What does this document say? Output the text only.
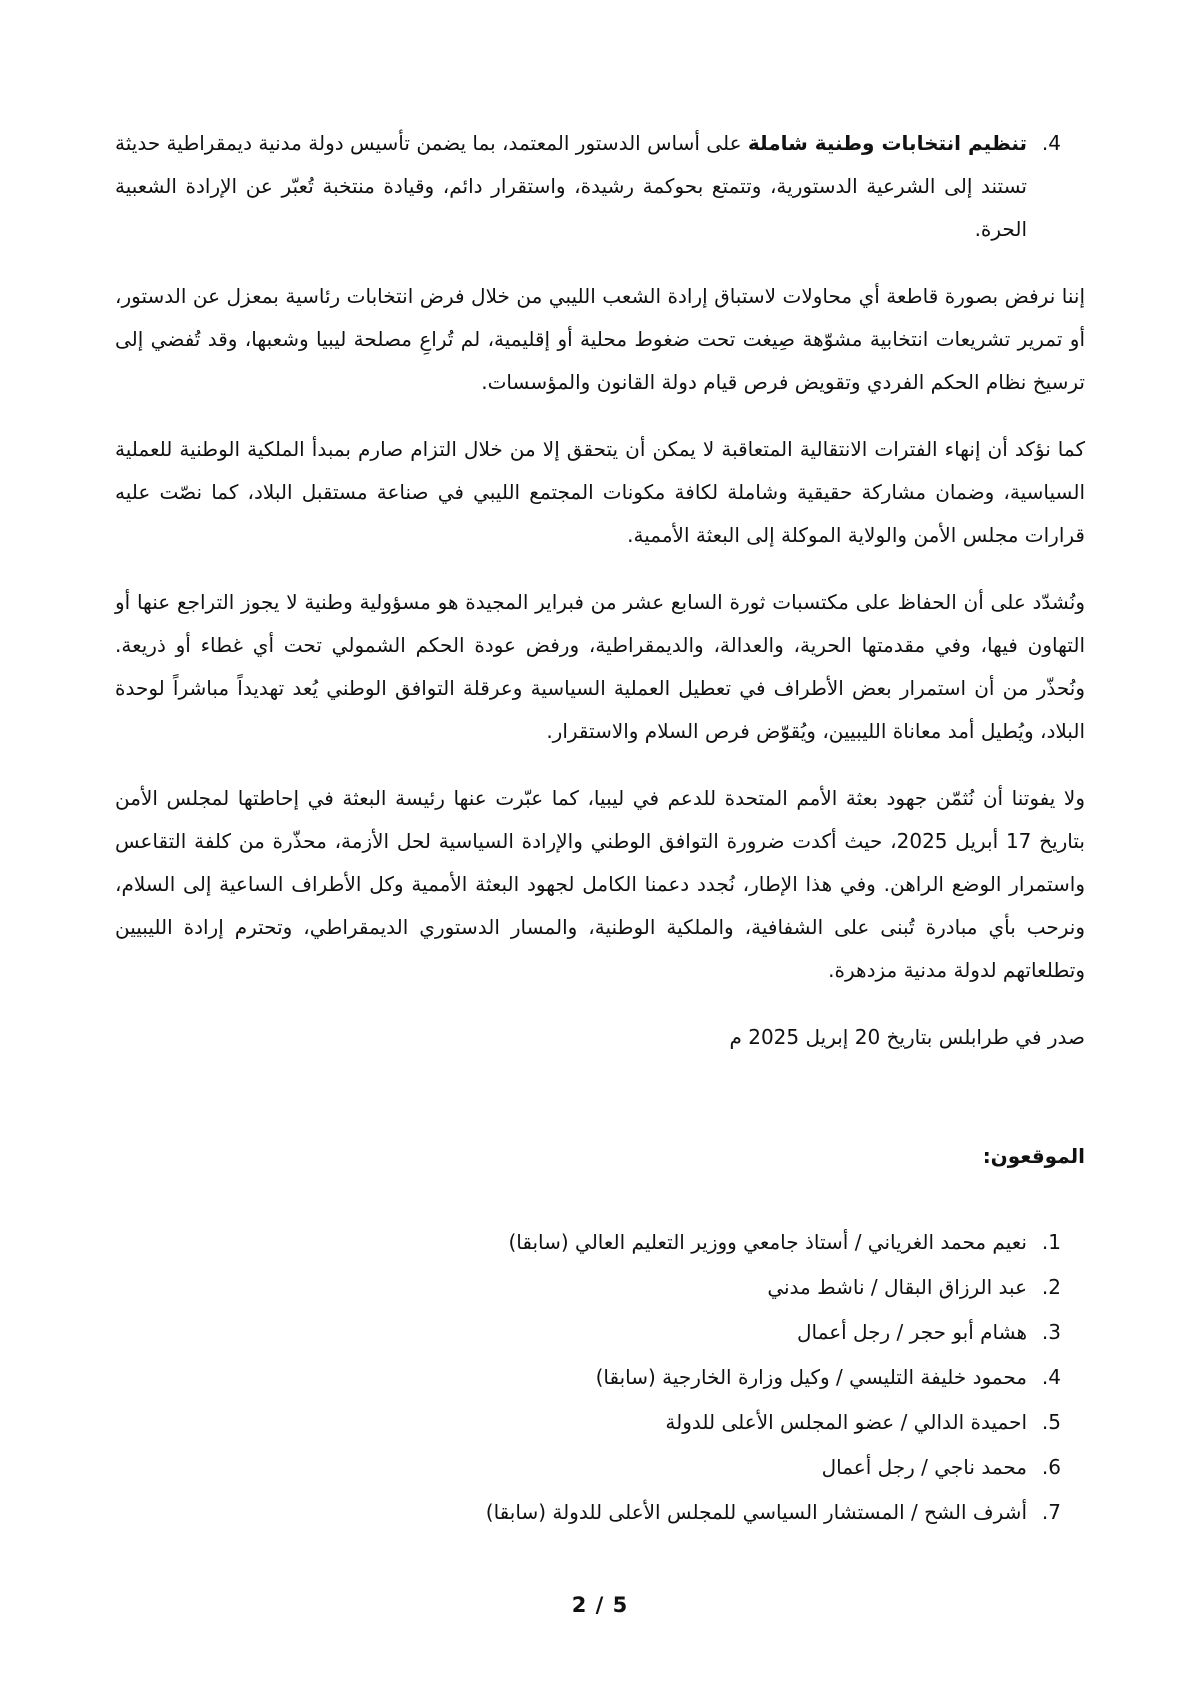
4.
تنظيم انتخابات وطنية شاملة على أساس الدستور المعتمد، بما يضمن تأسيس دولة مدنية ديمقراطية حديثة تستند إلى الشرعية الدستورية، وتتمتع بحوكمة رشيدة، واستقرار دائم، وقيادة منتخبة تُعبّر عن الإرادة الشعبية الحرة.

إننا نرفض بصورة قاطعة أي محاولات لاستباق إرادة الشعب الليبي من خلال فرض انتخابات رئاسية بمعزل عن الدستور، أو تمرير تشريعات انتخابية مشوّهة صِيغت تحت ضغوط محلية أو إقليمية، لم تُراعِ مصلحة ليبيا وشعبها، وقد تُفضي إلى ترسيخ نظام الحكم الفردي وتقويض فرص قيام دولة القانون والمؤسسات.

كما نؤكد أن إنهاء الفترات الانتقالية المتعاقبة لا يمكن أن يتحقق إلا من خلال التزام صارم بمبدأ الملكية الوطنية للعملية السياسية، وضمان مشاركة حقيقية وشاملة لكافة مكونات المجتمع الليبي في صناعة مستقبل البلاد، كما نصّت عليه قرارات مجلس الأمن والولاية الموكلة إلى البعثة الأممية.

ونُشدّد على أن الحفاظ على مكتسبات ثورة السابع عشر من فبراير المجيدة هو مسؤولية وطنية لا يجوز التراجع عنها أو التهاون فيها، وفي مقدمتها الحرية، والعدالة، والديمقراطية، ورفض عودة الحكم الشمولي تحت أي غطاء أو ذريعة. ونُحذّر من أن استمرار بعض الأطراف في تعطيل العملية السياسية وعرقلة التوافق الوطني يُعد تهديداً مباشراً لوحدة البلاد، ويُطيل أمد معاناة الليبيين، ويُقوّض فرص السلام والاستقرار.

ولا يفوتنا أن نُثمّن جهود بعثة الأمم المتحدة للدعم في ليبيا، كما عبّرت عنها رئيسة البعثة في إحاطتها لمجلس الأمن بتاريخ 17 أبريل 2025، حيث أكدت ضرورة التوافق الوطني والإرادة السياسية لحل الأزمة، محذّرة من كلفة التقاعس واستمرار الوضع الراهن. وفي هذا الإطار، نُجدد دعمنا الكامل لجهود البعثة الأممية وكل الأطراف الساعية إلى السلام، ونرحب بأي مبادرة تُبنى على الشفافية، والملكية الوطنية، والمسار الدستوري الديمقراطي، وتحترم إرادة الليبيين وتطلعاتهم لدولة مدنية مزدهرة.

صدر في طرابلس بتاريخ 20 إبريل 2025 م

الموقعون:
1.
نعيم محمد الغرياني / أستاذ جامعي ووزير التعليم العالي (سابقا)
2.
عبد الرزاق البقال / ناشط مدني
3.
هشام أبو حجر / رجل أعمال
4.
محمود خليفة التليسي / وكيل وزارة الخارجية (سابقا)
5.
احميدة الدالي / عضو المجلس الأعلى للدولة
6.
محمد ناجي / رجل أعمال
7.
أشرف الشح / المستشار السياسي للمجلس الأعلى للدولة (سابقا)
2 / 5
